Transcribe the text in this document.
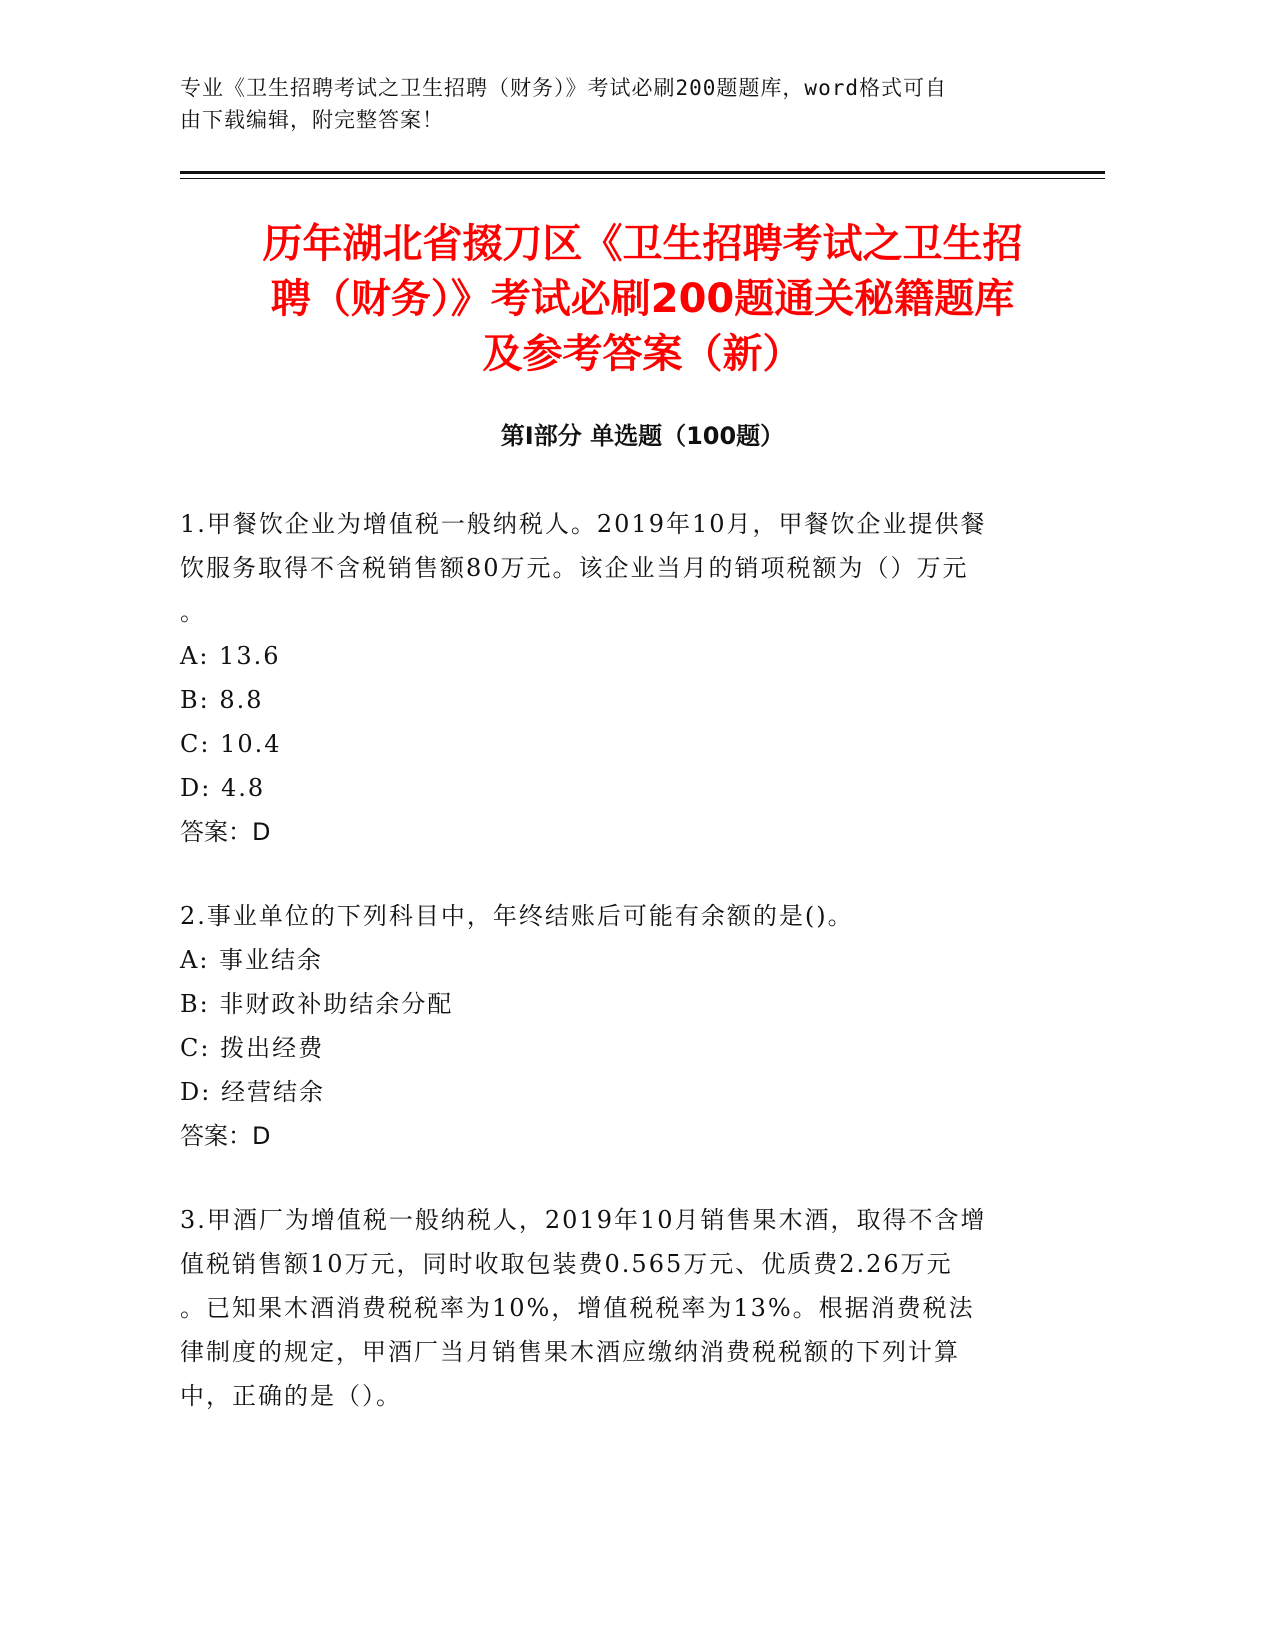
专业《卫生招聘考试之卫生招聘（财务）》考试必刷200题题库，word格式可自
由下载编辑，附完整答案！
历年湖北省掇刀区《卫生招聘考试之卫生招
聘（财务）》考试必刷200题通关秘籍题库
及参考答案（新）
第I部分 单选题（100题）
1.甲餐饮企业为增值税一般纳税人。2019年10月，甲餐饮企业提供餐
饮服务取得不含税销售额80万元。该企业当月的销项税额为（）万元
。
A: 13.6
B: 8.8
C: 10.4
D: 4.8
答案：D
2.事业单位的下列科目中，年终结账后可能有余额的是()。
A: 事业结余
B: 非财政补助结余分配
C: 拨出经费
D: 经营结余
答案：D
3.甲酒厂为增值税一般纳税人，2019年10月销售果木酒，取得不含增
值税销售额10万元，同时收取包装费0.565万元、优质费2.26万元
。已知果木酒消费税税率为10%，增值税税率为13%。根据消费税法
律制度的规定，甲酒厂当月销售果木酒应缴纳消费税税额的下列计算
中，正确的是（）。
